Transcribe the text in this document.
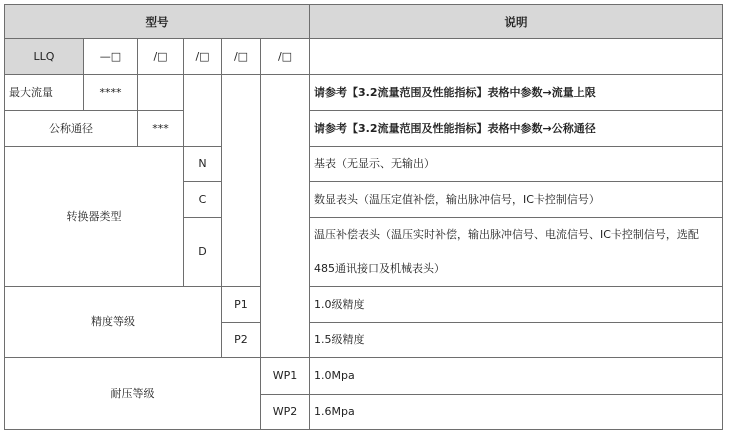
型号						说明
LLQ	—□	/□	/□	/□	/□	
最大流量	****					请参考【3.2流量范围及性能指标】表格中参数→流量上限
公称通径		***				请参考【3.2流量范围及性能指标】表格中参数→公称通径
转换器类型			N			基表（无显示、无输出）
			C			数显表头（温压定值补偿，输出脉冲信号，IC卡控制信号）
			D			温压补偿表头（温压实时补偿，输出脉冲信号、电流信号、IC卡控制信号，选配485通讯接口及机械表头）
精度等级				P1		1.0级精度
				P2		1.5级精度
耐压等级					WP1	1.0Mpa
					WP2	1.6Mpa
